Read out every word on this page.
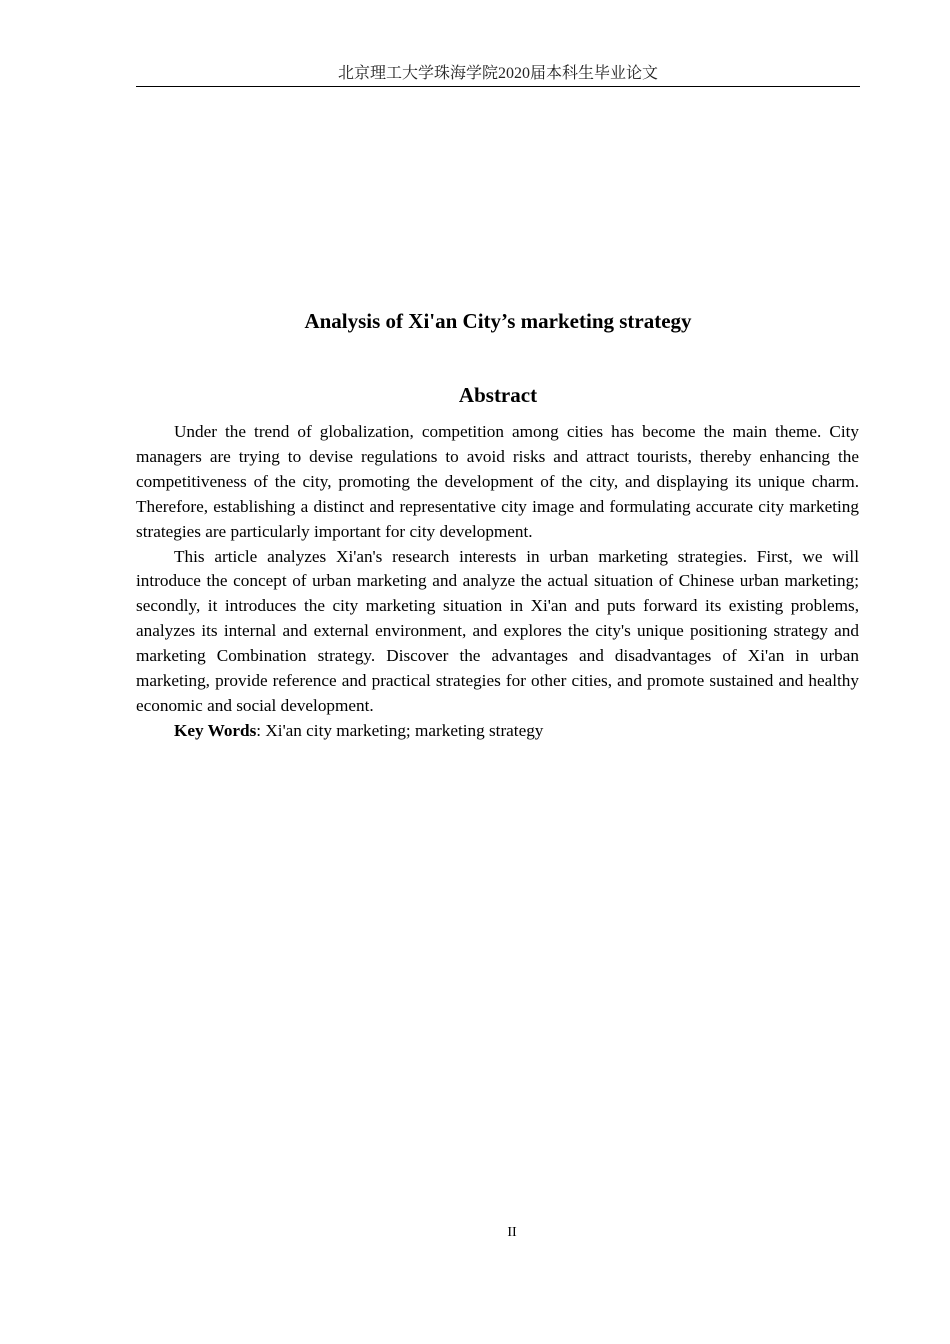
北京理工大学珠海学院2020届本科生毕业论文
Analysis of Xi'an City’s marketing strategy
Abstract

Under the trend of globalization, competition among cities has become the main theme. City managers are trying to devise regulations to avoid risks and attract tourists, thereby enhancing the competitiveness of the city, promoting the development of the city, and displaying its unique charm. Therefore, establishing a distinct and representative city image and formulating accurate city marketing strategies are particularly important for city development.

This article analyzes Xi'an's research interests in urban marketing strategies. First, we will introduce the concept of urban marketing and analyze the actual situation of Chinese urban marketing; secondly, it introduces the city marketing situation in Xi'an and puts forward its existing problems, analyzes its internal and external environment, and explores the city's unique positioning strategy and marketing Combination strategy. Discover the advantages and disadvantages of Xi'an in urban marketing, provide reference and practical strategies for other cities, and promote sustained and healthy economic and social development.

Key Words: Xi'an city marketing; marketing strategy

II
